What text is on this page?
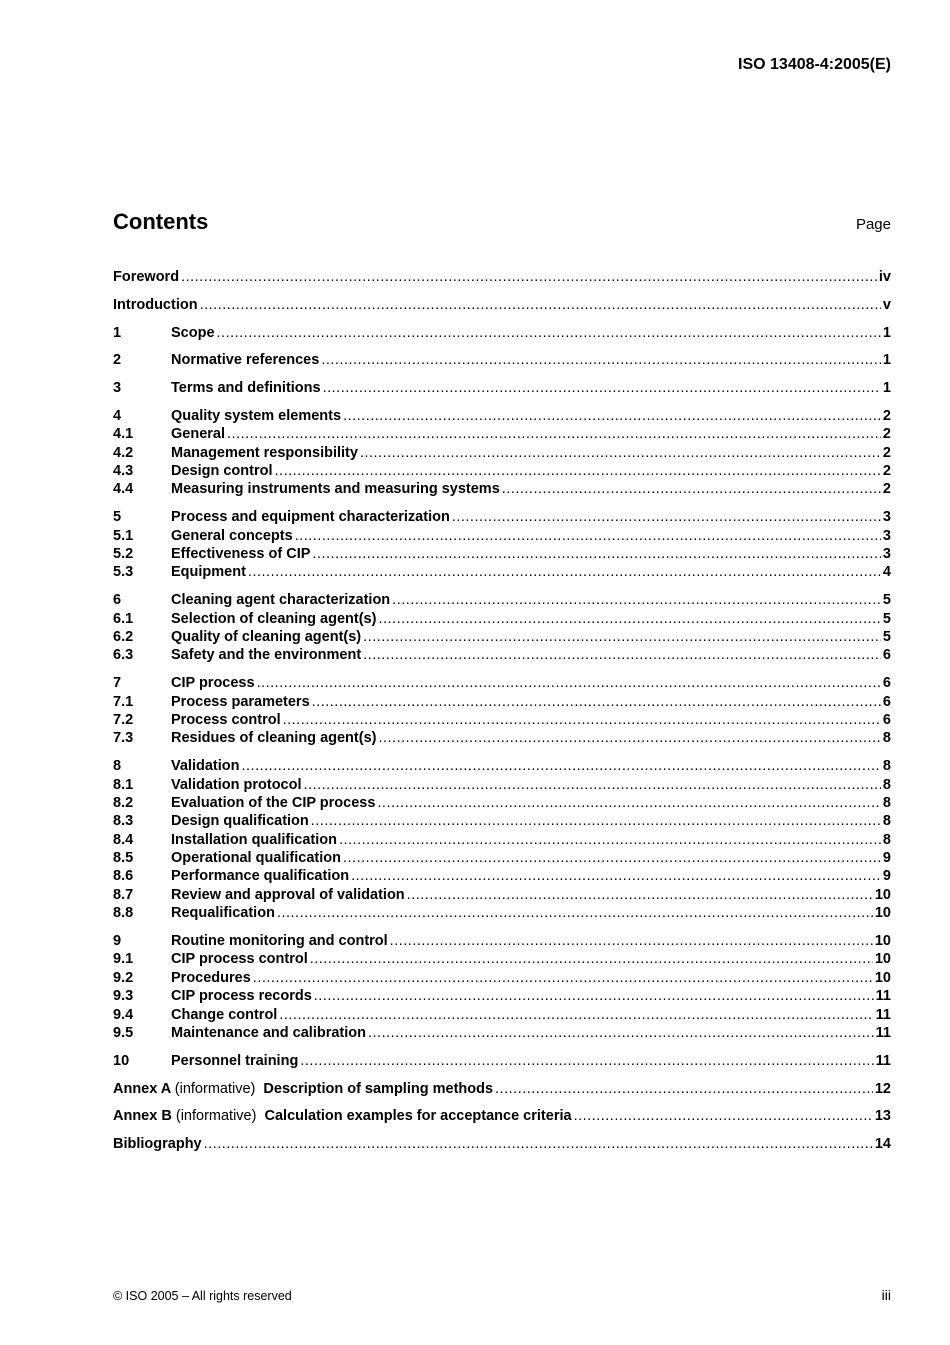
ISO 13408-4:2005(E)
Contents	Page
Foreword .....	iv
Introduction .....	v
1	Scope .....	1
2	Normative references .....	1
3	Terms and definitions .....	1
4	Quality system elements .....	2
4.1	General .....	2
4.2	Management responsibility .....	2
4.3	Design control .....	2
4.4	Measuring instruments and measuring systems .....	2
5	Process and equipment characterization .....	3
5.1	General concepts .....	3
5.2	Effectiveness of CIP .....	3
5.3	Equipment .....	4
6	Cleaning agent characterization .....	5
6.1	Selection of cleaning agent(s) .....	5
6.2	Quality of cleaning agent(s) .....	5
6.3	Safety and the environment .....	6
7	CIP process .....	6
7.1	Process parameters .....	6
7.2	Process control .....	6
7.3	Residues of cleaning agent(s) .....	8
8	Validation .....	8
8.1	Validation protocol .....	8
8.2	Evaluation of the CIP process .....	8
8.3	Design qualification .....	8
8.4	Installation qualification .....	8
8.5	Operational qualification .....	9
8.6	Performance qualification .....	9
8.7	Review and approval of validation .....	10
8.8	Requalification .....	10
9	Routine monitoring and control .....	10
9.1	CIP process control .....	10
9.2	Procedures .....	10
9.3	CIP process records .....	11
9.4	Change control .....	11
9.5	Maintenance and calibration .....	11
10	Personnel training .....	11
Annex A (informative) Description of sampling methods .....	12
Annex B (informative) Calculation examples for acceptance criteria .....	13
Bibliography .....	14
© ISO 2005 – All rights reserved	iii
